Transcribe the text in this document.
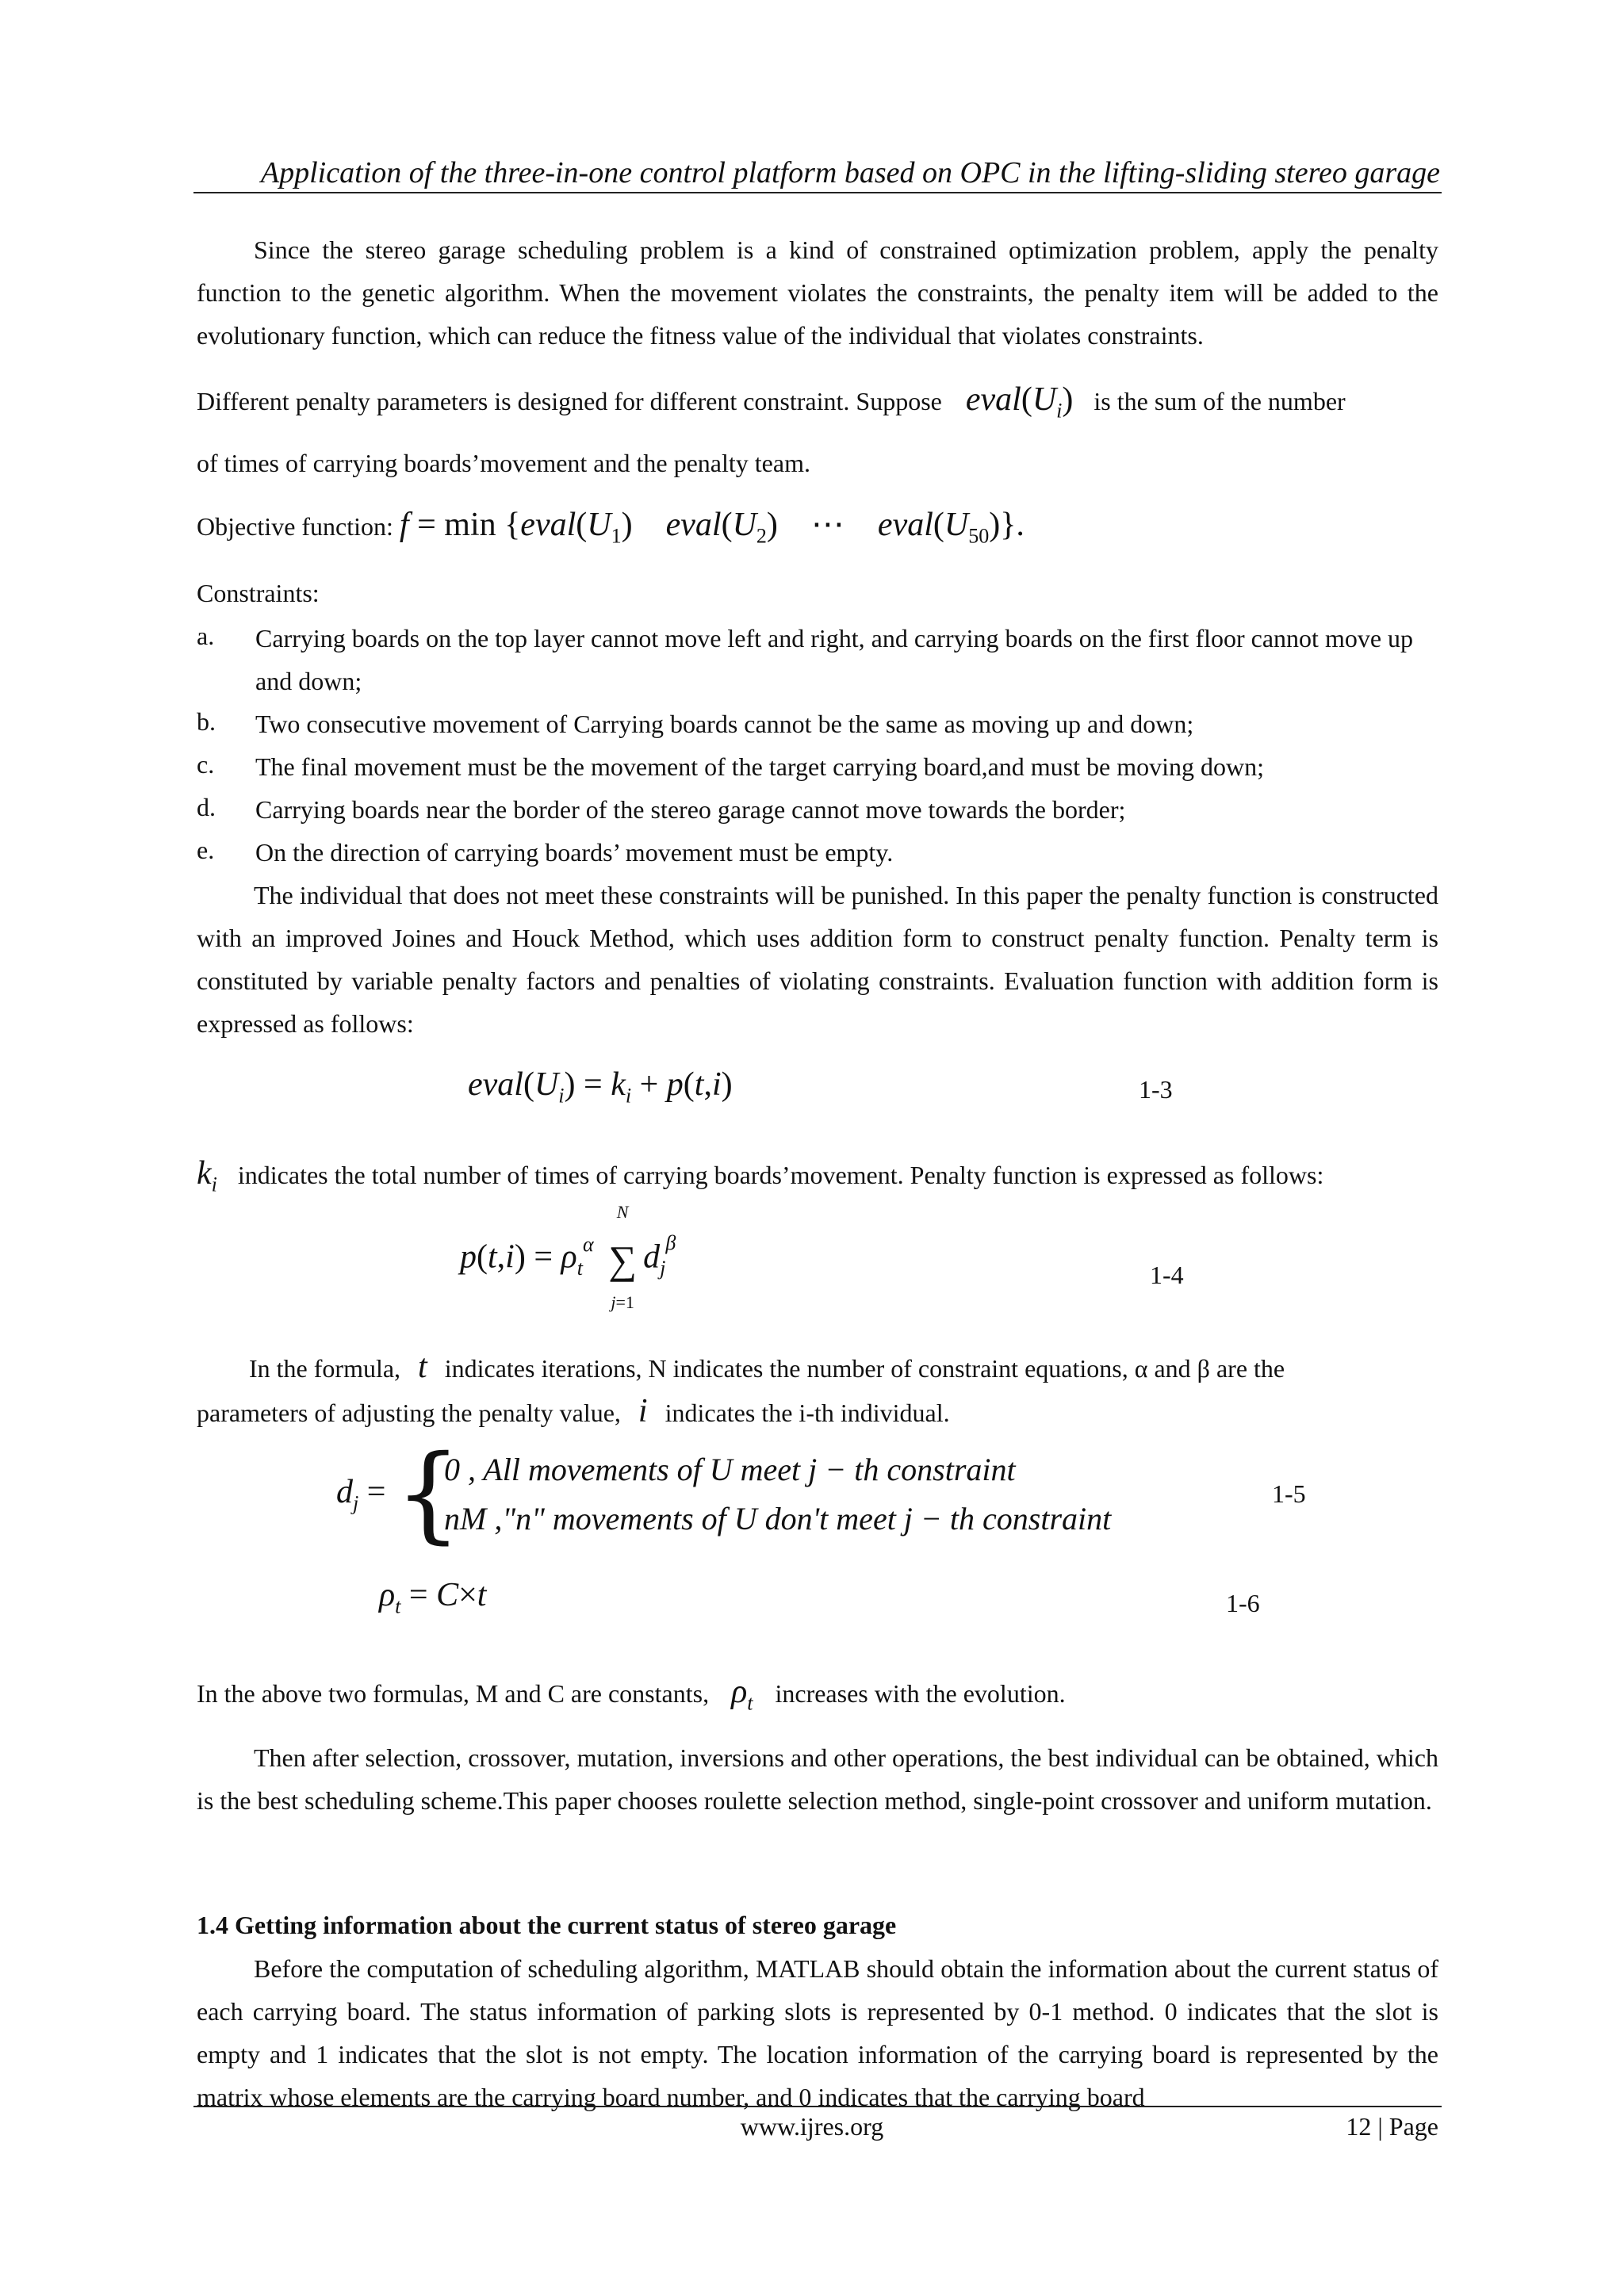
Application of the three-in-one control platform based on OPC in the lifting-sliding stereo garage

Since the stereo garage scheduling problem is a kind of constrained optimization problem, apply the penalty function to the genetic algorithm. When the movement violates the constraints, the penalty item will be added to the evolutionary function, which can reduce the fitness value of the individual that violates constraints.

Different penalty parameters is designed for different constraint. Suppose $eval(U_i)$ is the sum of the number
of times of carrying boards’movement and the penalty team.
Objective function: $f = \min \{eval(U_1)$    $eval(U_2)$ ⋯    $eval(U_{50})$}.
Constraints:
a. Carrying boards on the top layer cannot move left and right, and carrying boards on the first floor cannot move up and down;
b. Two consecutive movement of Carrying boards cannot be the same as moving up and down;
c. The final movement must be the movement of the target carrying board,and must be moving down;
d. Carrying boards near the border of the stereo garage cannot move towards the border;
e. On the direction of carrying boards’ movement must be empty.

The individual that does not meet these constraints will be punished. In this paper the penalty function is constructed with an improved Joines and Houck Method, which uses addition form to construct penalty function. Penalty term is constituted by variable penalty factors and penalties of violating constraints. Evaluation function with addition form is expressed as follows:

$eval(U_i) = k_i + p(t,i)$	1-3
$k_i$ indicates the total number of times of carrying boards’movement. Penalty function is expressed as follows:
$p(t,i) = \rho_t^\alpha$
N
∑
j=1
$d_j^\beta$
1-4
In the formula, t indicates iterations, N indicates the number of constraint equations, α and β are the
parameters of adjusting the penalty value, i indicates the i-th individual.
$d_j$ = {
0 , All movements of U meet j − th constraint
nM ,"n" movements of U don't meet j − th constraint
1-5
$\rho_t = C\times t$	1-6
In the above two formulas, M and C are constants, $\rho_t$ increases with the evolution.

Then after selection, crossover, mutation, inversions and other operations, the best individual can be obtained, which is the best scheduling scheme.This paper chooses roulette selection method, single-point crossover and uniform mutation.

1.4 Getting information about the current status of stereo garage

Before the computation of scheduling algorithm, MATLAB should obtain the information about the current status of each carrying board. The status information of parking slots is represented by 0-1 method. 0 indicates that the slot is empty and 1 indicates that the slot is not empty. The location information of the carrying board is represented by the matrix whose elements are the carrying board number, and 0 indicates that the carrying board

www.ijres.org	12 | Page
